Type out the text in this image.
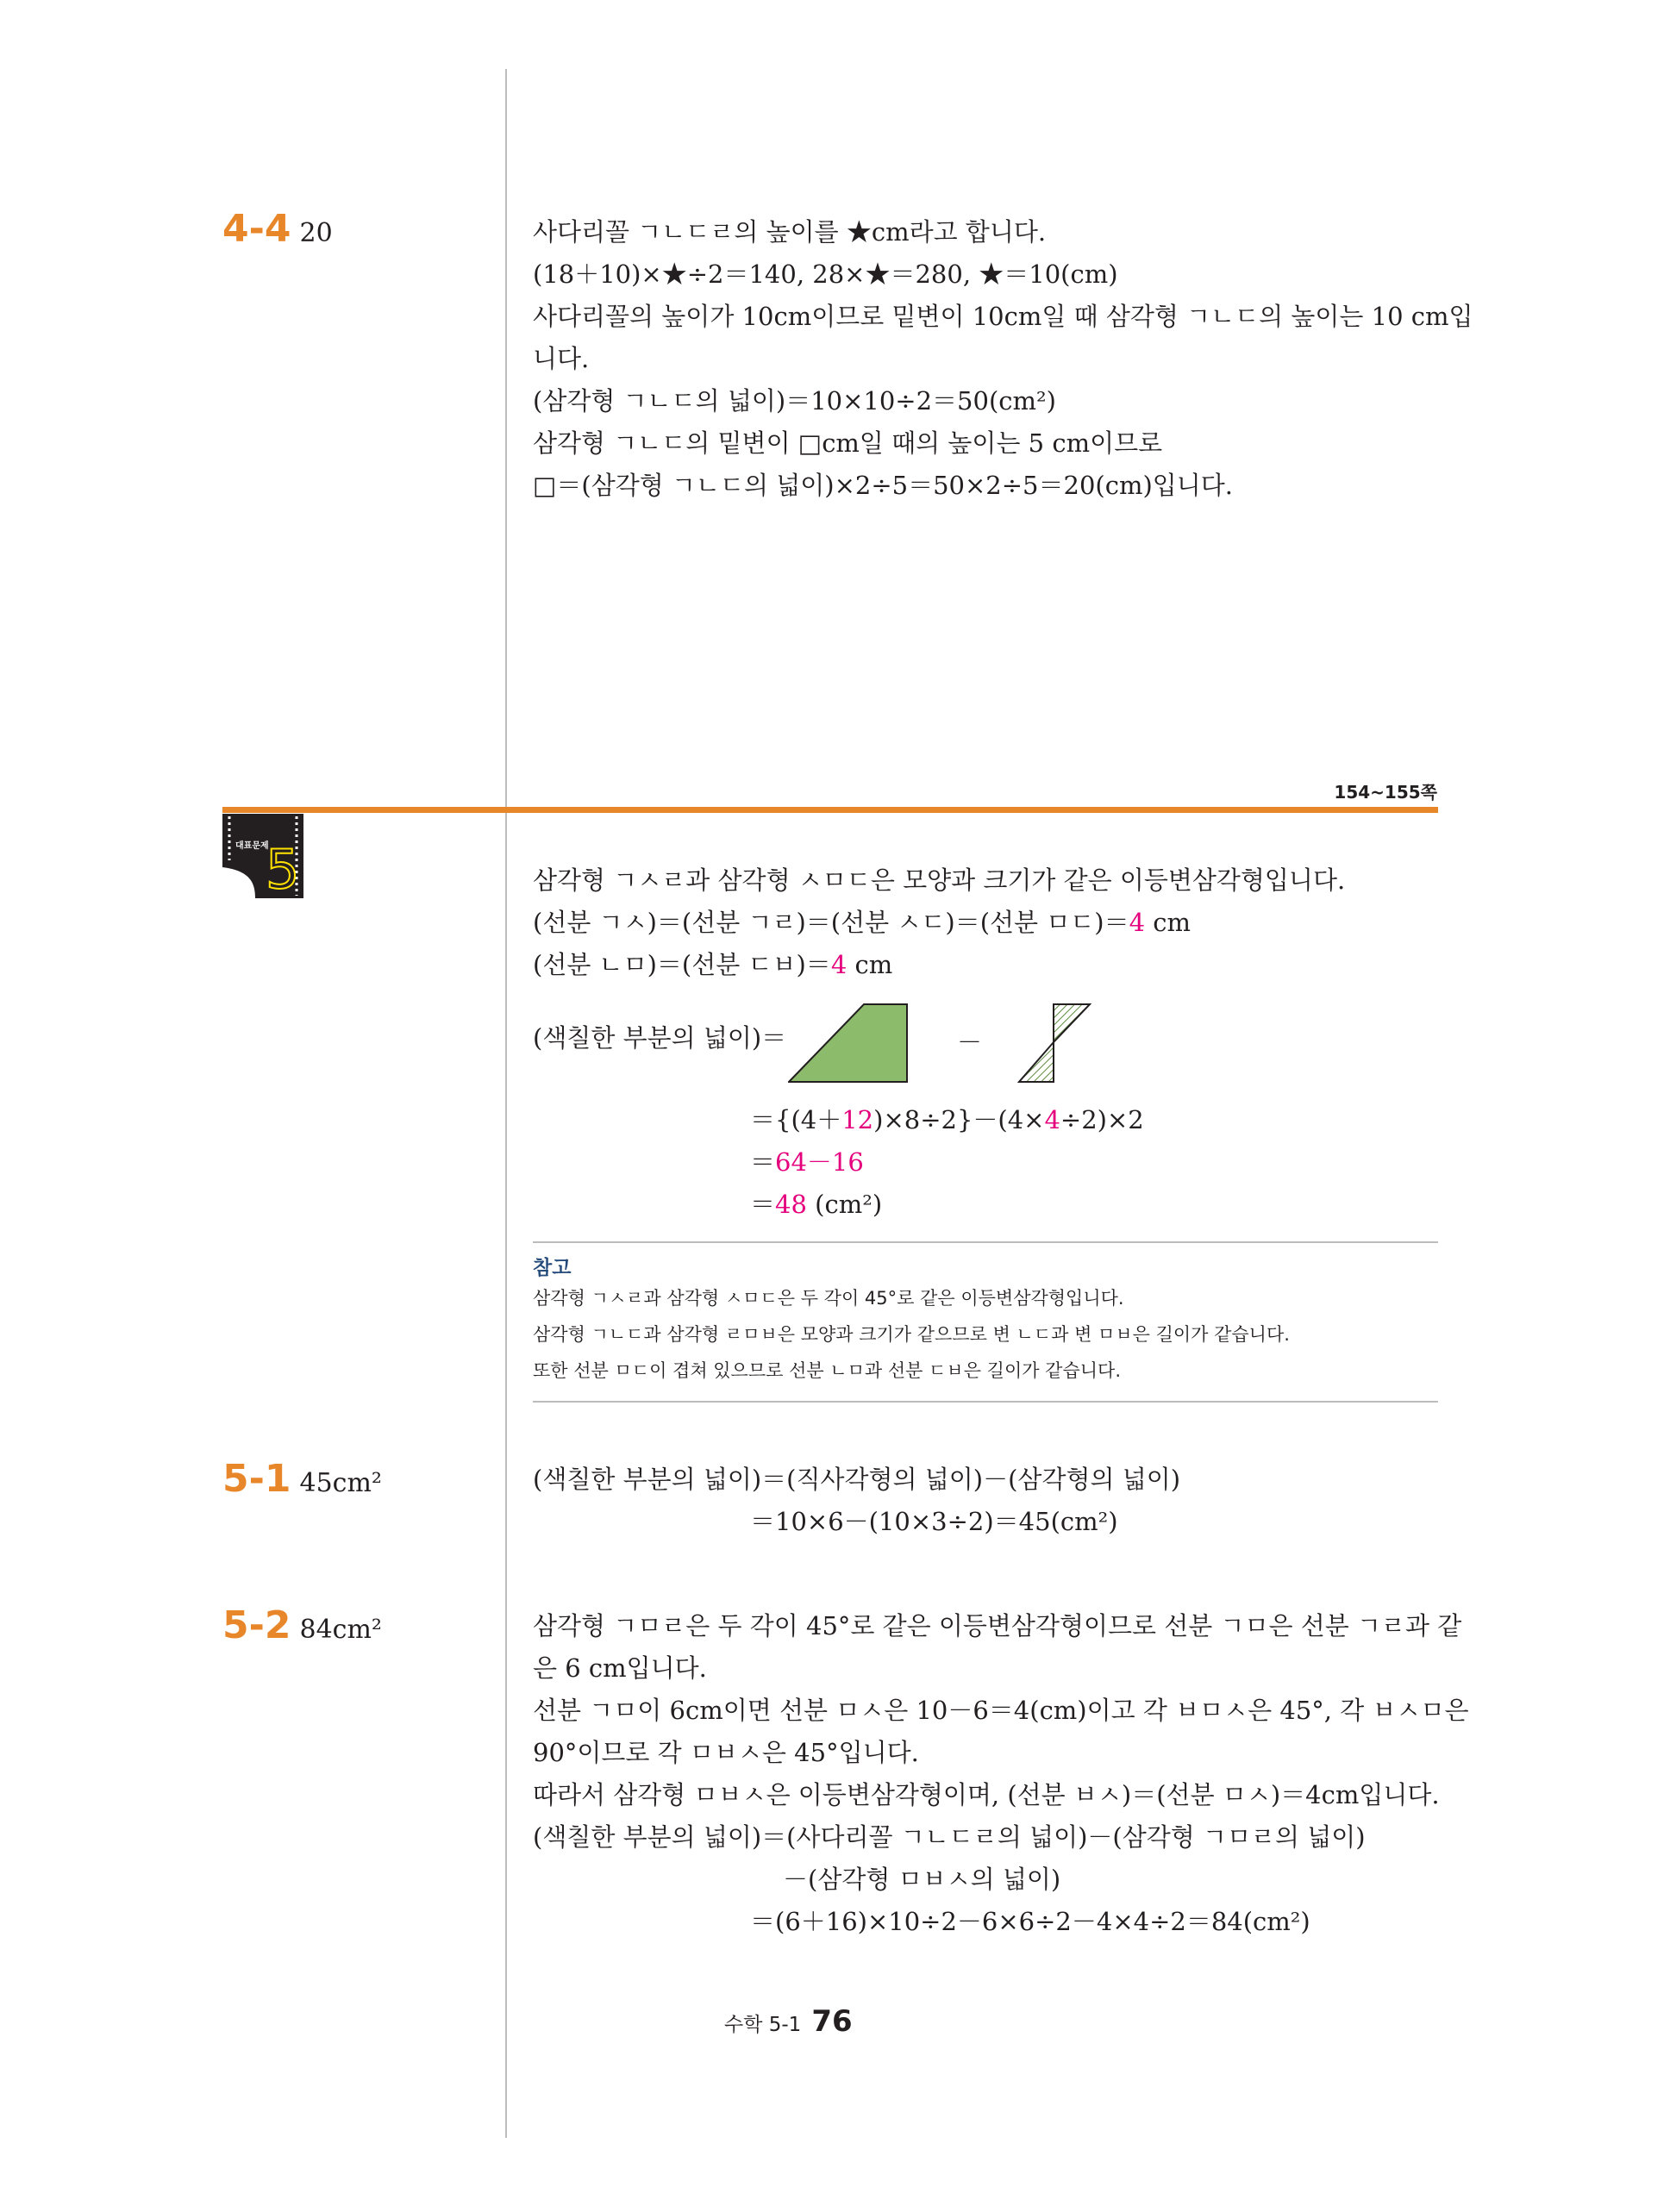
4-4 20	사다리꼴 ㄱㄴㄷㄹ의 높이를 ★cm라고 합니다.
(18＋10)×★÷2＝140, 28×★＝280, ★＝10(cm)
사다리꼴의 높이가 10cm이므로 밑변이 10cm일 때 삼각형 ㄱㄴㄷ의 높이는 10 cm입
니다.
(삼각형 ㄱㄴㄷ의 넓이)＝10×10÷2＝50(cm²)
삼각형 ㄱㄴㄷ의 밑변이 □cm일 때의 높이는 5 cm이므로
□＝(삼각형 ㄱㄴㄷ의 넓이)×2÷5＝50×2÷5＝20(cm)입니다.
154~155쪽
대표문제
5	삼각형 ㄱㅅㄹ과 삼각형 ㅅㅁㄷ은 모양과 크기가 같은 이등변삼각형입니다.
(선분 ㄱㅅ)＝(선분 ㄱㄹ)＝(선분 ㅅㄷ)＝(선분 ㅁㄷ)＝4 cm
(선분 ㄴㅁ)＝(선분 ㄷㅂ)＝4 cm
(색칠한 부분의 넓이)＝	－
＝{(4＋12)×8÷2}－(4×4÷2)×2
＝64－16
＝48 (cm²)
참고
삼각형 ㄱㅅㄹ과 삼각형 ㅅㅁㄷ은 두 각이 45°로 같은 이등변삼각형입니다.
삼각형 ㄱㄴㄷ과 삼각형 ㄹㅁㅂ은 모양과 크기가 같으므로 변 ㄴㄷ과 변 ㅁㅂ은 길이가 같습니다.
또한 선분 ㅁㄷ이 겹쳐 있으므로 선분 ㄴㅁ과 선분 ㄷㅂ은 길이가 같습니다.
5-1 45cm²	(색칠한 부분의 넓이)＝(직사각형의 넓이)－(삼각형의 넓이)
＝10×6－(10×3÷2)＝45(cm²)
5-2 84cm²	삼각형 ㄱㅁㄹ은 두 각이 45°로 같은 이등변삼각형이므로 선분 ㄱㅁ은 선분 ㄱㄹ과 같
은 6 cm입니다.
선분 ㄱㅁ이 6cm이면 선분 ㅁㅅ은 10－6＝4(cm)이고 각 ㅂㅁㅅ은 45°, 각 ㅂㅅㅁ은
90°이므로 각 ㅁㅂㅅ은 45°입니다.
따라서 삼각형 ㅁㅂㅅ은 이등변삼각형이며, (선분 ㅂㅅ)＝(선분 ㅁㅅ)＝4cm입니다.
(색칠한 부분의 넓이)＝(사다리꼴 ㄱㄴㄷㄹ의 넓이)－(삼각형 ㄱㅁㄹ의 넓이)
－(삼각형 ㅁㅂㅅ의 넓이)
＝(6＋16)×10÷2－6×6÷2－4×4÷2＝84(cm²)
수학 5-1 76
